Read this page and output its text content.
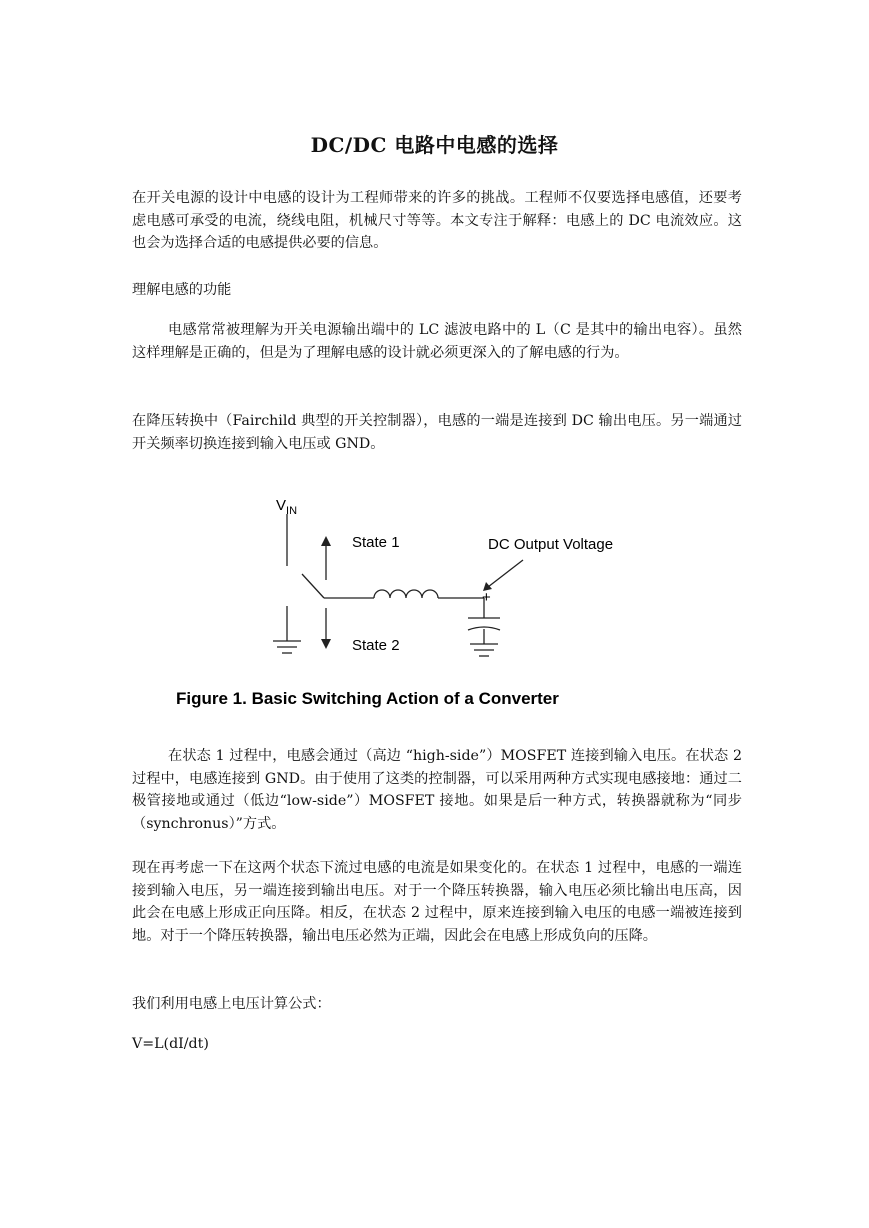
DC/DC 电路中电感的选择

在开关电源的设计中电感的设计为工程师带来的许多的挑战。工程师不仅要选择电感值，还要考虑电感可承受的电流，绕线电阻，机械尺寸等等。本文专注于解释：电感上的 DC 电流效应。这也会为选择合适的电感提供必要的信息。

理解电感的功能

电感常常被理解为开关电源输出端中的 LC 滤波电路中的 L（C 是其中的输出电容）。虽然这样理解是正确的，但是为了理解电感的设计就必须更深入的了解电感的行为。

在降压转换中（Fairchild 典型的开关控制器），电感的一端是连接到 DC 输出电压。另一端通过开关频率切换连接到输入电压或 GND。

$V_{IN}$
State 1
State 2
DC Output Voltage
+
Figure 1. Basic Switching Action of a Converter

在状态 1 过程中，电感会通过（高边 “high-side”）MOSFET 连接到输入电压。在状态 2 过程中，电感连接到 GND。由于使用了这类的控制器，可以采用两种方式实现电感接地：通过二极管接地或通过（低边“low-side”）MOSFET 接地。如果是后一种方式，转换器就称为“同步（synchronus）”方式。

现在再考虑一下在这两个状态下流过电感的电流是如果变化的。在状态 1 过程中，电感的一端连接到输入电压，另一端连接到输出电压。对于一个降压转换器，输入电压必须比输出电压高，因此会在电感上形成正向压降。相反，在状态 2 过程中，原来连接到输入电压的电感一端被连接到地。对于一个降压转换器，输出电压必然为正端，因此会在电感上形成负向的压降。

我们利用电感上电压计算公式：

V=L(dI/dt)
